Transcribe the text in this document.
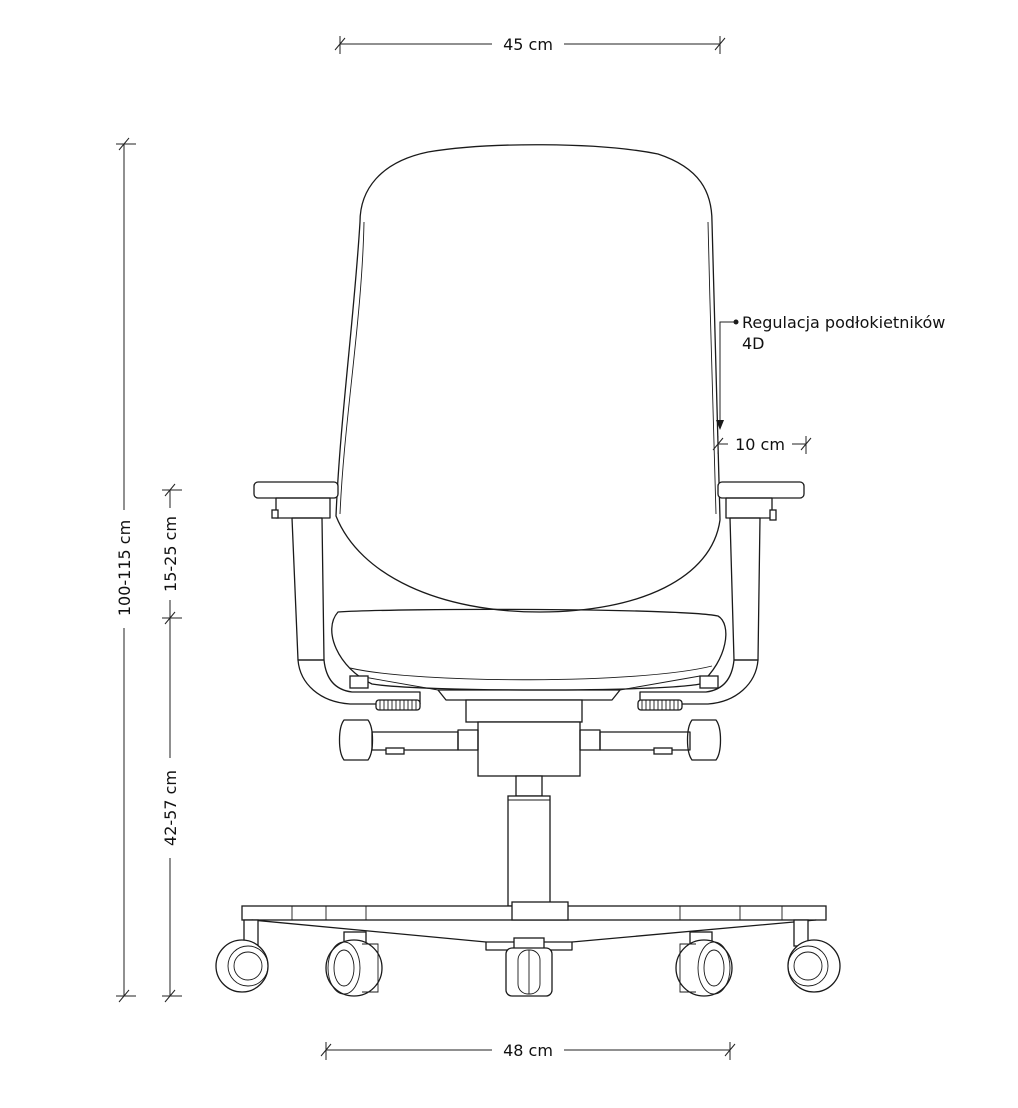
45 cm
48 cm
100-115 cm 15-25 cm
42-57 cm
10 cm
Regulacja podłokietników
4D
